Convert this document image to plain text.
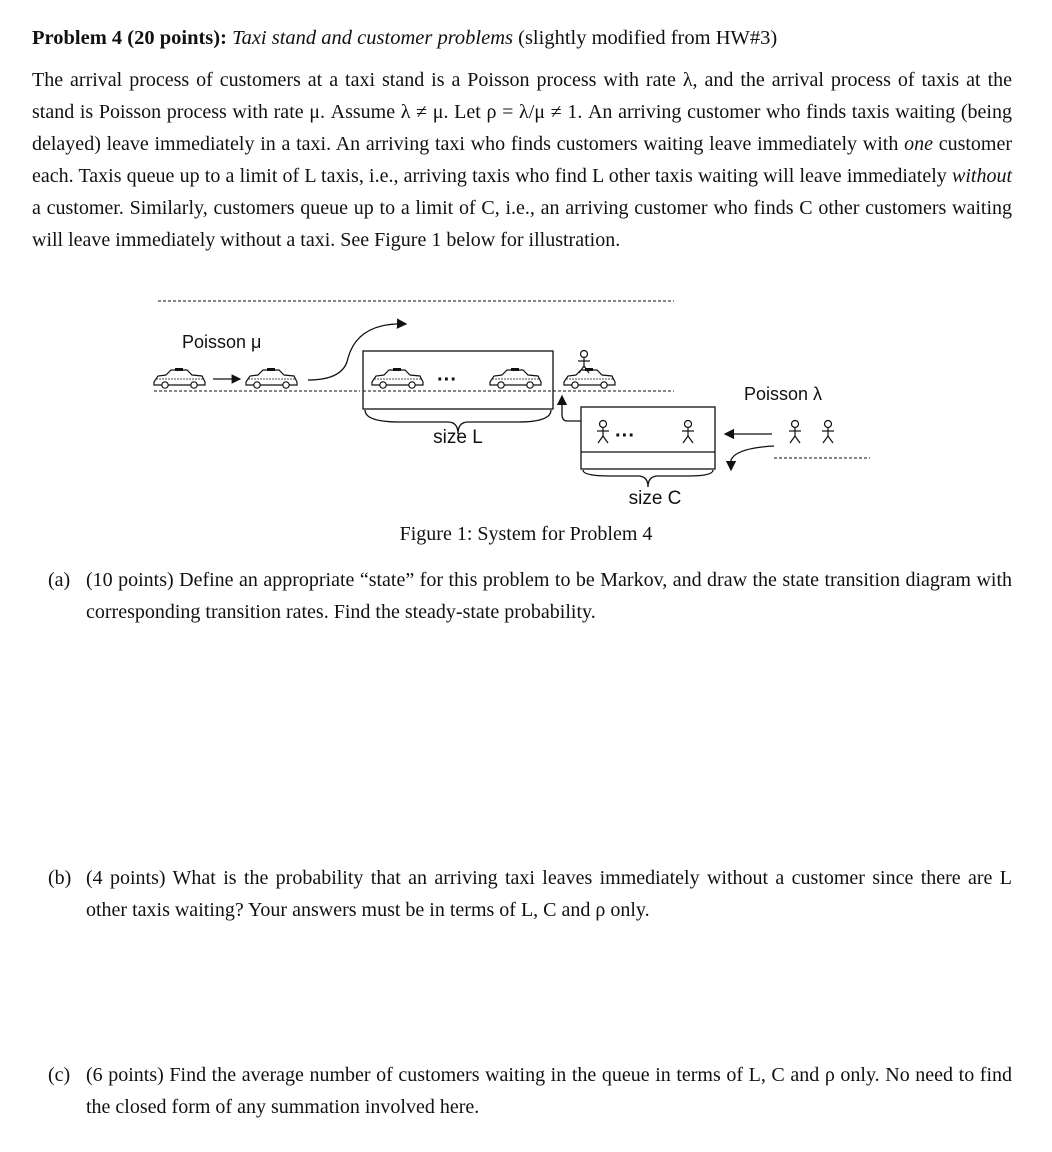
Problem 4 (20 points): Taxi stand and customer problems (slightly modified from HW#3)

The arrival process of customers at a taxi stand is a Poisson process with rate λ, and the arrival process of taxis at the stand is Poisson process with rate μ. Assume λ ≠ μ. Let ρ = λ/μ ≠ 1. An arriving customer who finds taxis waiting (being delayed) leave immediately in a taxi. An arriving taxi who finds customers waiting leave immediately with one customer each. Taxis queue up to a limit of L taxis, i.e., arriving taxis who find L other taxis waiting will leave immediately without a customer. Similarly, customers queue up to a limit of C, i.e., an arriving customer who finds C other customers waiting will leave immediately without a taxi. See Figure 1 below for illustration.

Poisson μ
···
size L	···
size C
Poisson λ
Figure 1: System for Problem 4
(a) (10 points) Define an appropriate “state” for this problem to be Markov, and draw the state transition diagram with corresponding transition rates. Find the steady-state probability.
(b) (4 points) What is the probability that an arriving taxi leaves immediately without a customer since there are L other taxis waiting? Your answers must be in terms of L, C and ρ only.
(c) (6 points) Find the average number of customers waiting in the queue in terms of L, C and ρ only. No need to find the closed form of any summation involved here.
